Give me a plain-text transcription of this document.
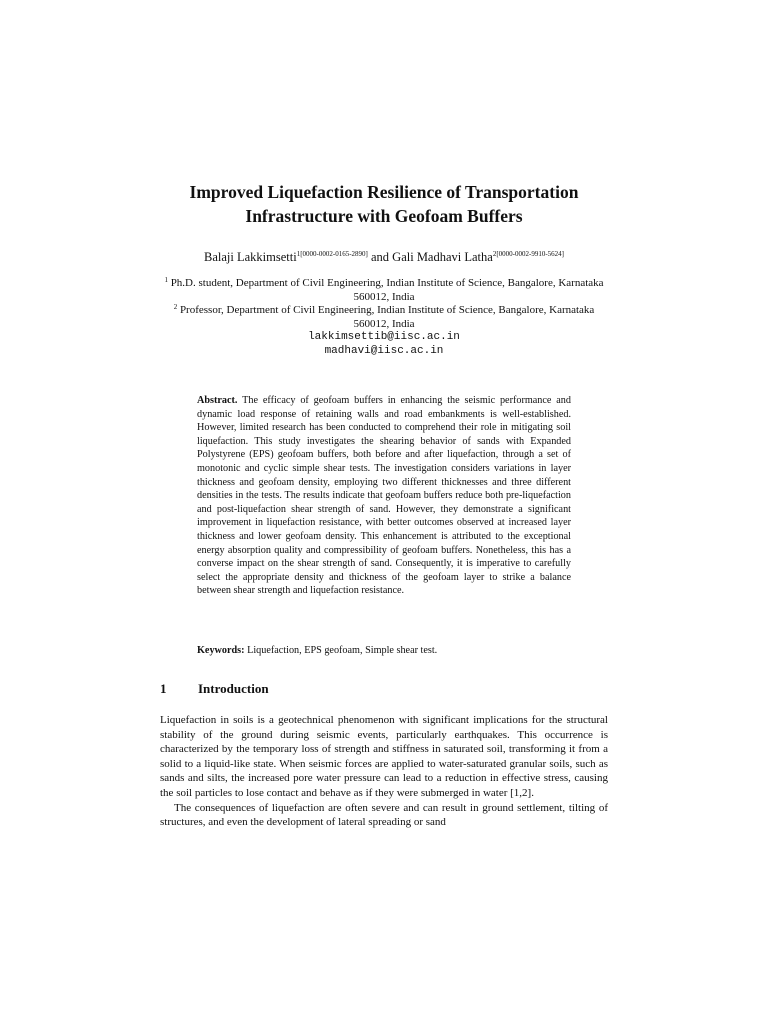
Improved Liquefaction Resilience of Transportation
Infrastructure with Geofoam Buffers
Balaji Lakkimsetti$^{1[0000-0002-0165-2890]}$ and Gali Madhavi Latha$^{2[0000-0002-9910-5624]}$
$^1$ Ph.D. student, Department of Civil Engineering, Indian Institute of Science, Bangalore, Karnataka 560012, India
$^2$ Professor, Department of Civil Engineering, Indian Institute of Science, Bangalore, Karnataka 560012, India
lakkimsettib@iisc.ac.in
madhavi@iisc.ac.in
Abstract. The efficacy of geofoam buffers in enhancing the seismic performance and dynamic load response of retaining walls and road embankments is well-established. However, limited research has been conducted to comprehend their role in mitigating soil liquefaction. This study investigates the shearing behavior of sands with Expanded Polystyrene (EPS) geofoam buffers, both before and after liquefaction, through a set of monotonic and cyclic simple shear tests. The investigation considers variations in layer thickness and geofoam density, employing two different thicknesses and three different densities in the tests. The results indicate that geofoam buffers reduce both pre-liquefaction and post-liquefaction shear strength of sand. However, they demonstrate a significant improvement in liquefaction resistance, with better outcomes observed at increased layer thickness and lower geofoam density. This enhancement is attributed to the exceptional energy absorption quality and compressibility of geofoam buffers. Nonetheless, this has a converse impact on the shear strength of sand. Consequently, it is imperative to carefully select the appropriate density and thickness of the geofoam layer to strike a balance between shear strength and liquefaction resistance.
Keywords: Liquefaction, EPS geofoam, Simple shear test.
1 Introduction

Liquefaction in soils is a geotechnical phenomenon with significant implications for the structural stability of the ground during seismic events, particularly earthquakes. This occurrence is characterized by the temporary loss of strength and stiffness in saturated soil, transforming it from a solid to a liquid-like state. When seismic forces are applied to water-saturated granular soils, such as sands and silts, the increased pore water pressure can lead to a reduction in effective stress, causing the soil particles to lose contact and behave as if they were submerged in water [1,2].

The consequences of liquefaction are often severe and can result in ground settlement, tilting of structures, and even the development of lateral spreading or sand
